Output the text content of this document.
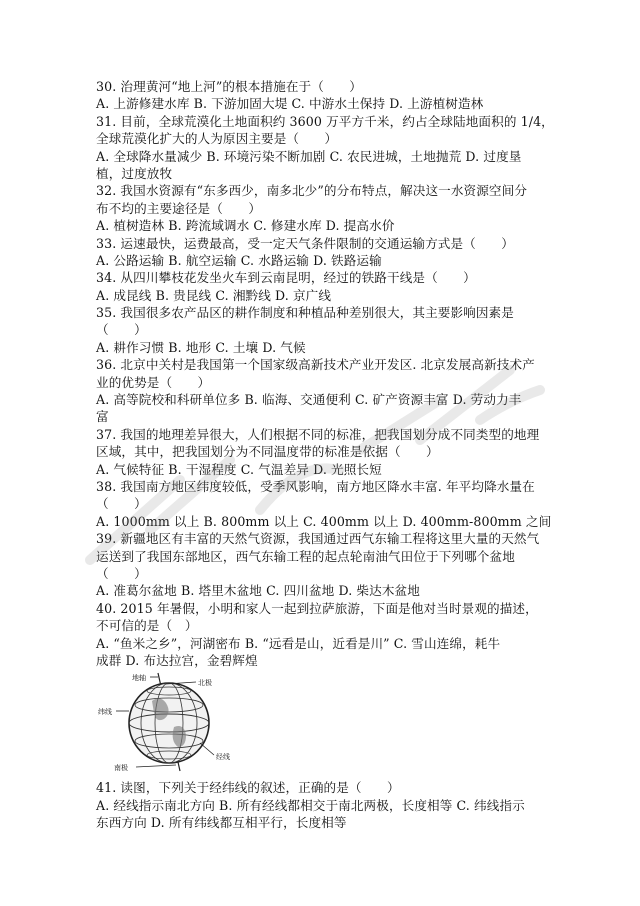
30. 治理黄河“地上河”的根本措施在于（　　）
A. 上游修建水库 B. 下游加固大堤 C. 中游水土保持 D. 上游植树造林
31. 目前，全球荒漠化土地面积约 3600 万平方千米，约占全球陆地面积的 1/4，
全球荒漠化扩大的人为原因主要是（　　）
A. 全球降水量减少 B. 环境污染不断加剧 C. 农民进城，土地抛荒 D. 过度垦
植，过度放牧
32. 我国水资源有“东多西少，南多北少”的分布特点，解决这一水资源空间分
布不均的主要途径是（　　）
A. 植树造林 B. 跨流域调水 C. 修建水库 D. 提高水价
33. 运速最快，运费最高，受一定天气条件限制的交通运输方式是（　　）
A. 公路运输 B. 航空运输 C. 水路运输 D. 铁路运输
34. 从四川攀枝花发坐火车到云南昆明，经过的铁路干线是（　　）
A. 成昆线 B. 贵昆线 C. 湘黔线 D. 京广线
35. 我国很多农产品区的耕作制度和种植品种差别很大，其主要影响因素是
（　　）
A. 耕作习惯 B. 地形 C. 土壤 D. 气候
36. 北京中关村是我国第一个国家级高新技术产业开发区. 北京发展高新技术产
业的优势是（　　）
A. 高等院校和科研单位多 B. 临海、交通便利 C. 矿产资源丰富 D. 劳动力丰
富
37. 我国的地理差异很大，人们根据不同的标准，把我国划分成不同类型的地理
区域，其中，把我国划分为不同温度带的标准是依据（　　）
A. 气候特征 B. 干湿程度 C. 气温差异 D. 光照长短
38. 我国南方地区纬度较低，受季风影响，南方地区降水丰富. 年平均降水量在
（　　）
A. 1000mm 以上 B. 800mm 以上 C. 400mm 以上 D. 400mm-800mm 之间
39. 新疆地区有丰富的天然气资源，我国通过西气东输工程将这里大量的天然气
运送到了我国东部地区，西气东输工程的起点轮南油气田位于下列哪个盆地
（　　）
A. 准葛尔盆地 B. 塔里木盆地 C. 四川盆地 D. 柴达木盆地
40. 2015 年暑假，小明和家人一起到拉萨旅游，下面是他对当时景观的描述，
不可信的是（　）
A. “鱼米之乡”，河湖密布 B. “远看是山，近看是川” C. 雪山连绵，耗牛
成群 D. 布达拉宫，金碧辉煌
地轴
北极
纬线
南极
经线
41. 读图，下列关于经纬线的叙述，正确的是（　　）
A. 经线指示南北方向 B. 所有经线都相交于南北两极，长度相等 C. 纬线指示
东西方向 D. 所有纬线都互相平行，长度相等
